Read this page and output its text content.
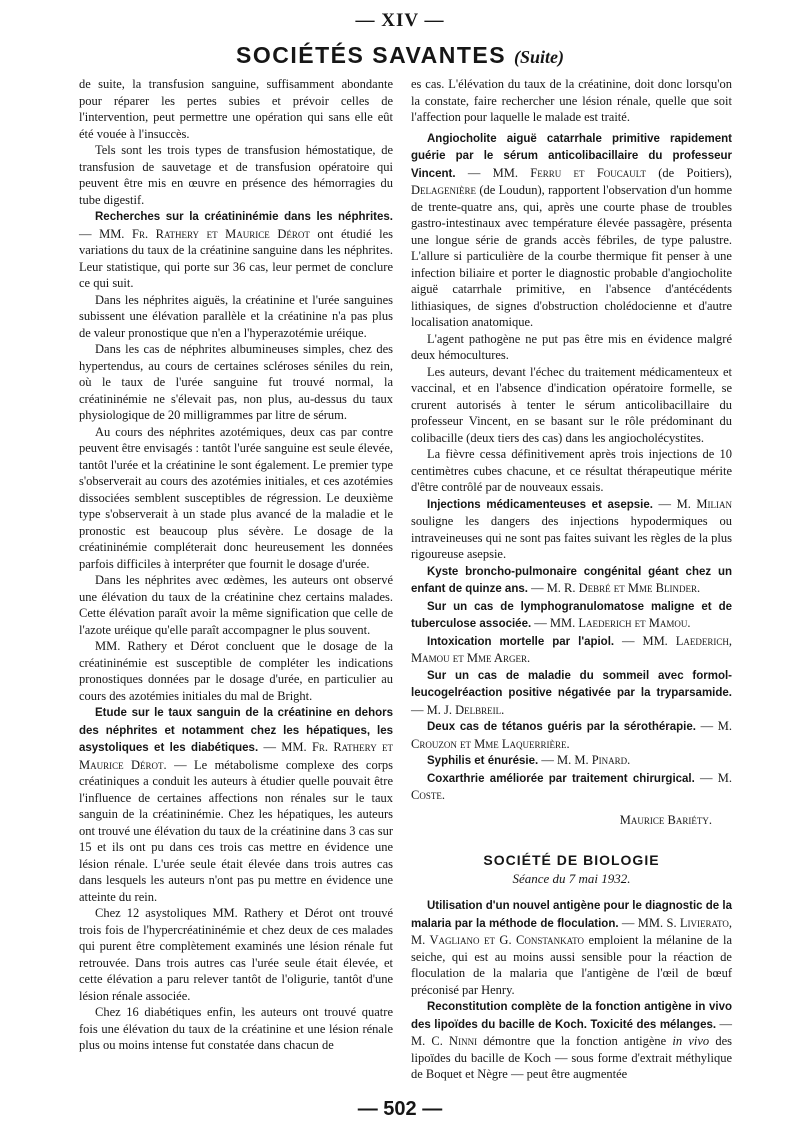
— XIV —
SOCIÉTÉS SAVANTES (Suite)

de suite, la transfusion sanguine, suffisamment abondante pour réparer les pertes subies et prévoir celles de l'intervention, peut permettre une opération qui sans elle eût été vouée à l'insuccès.

Tels sont les trois types de transfusion hémostatique, de transfusion de sauvetage et de transfusion opératoire qui peuvent être mis en œuvre en présence des hémorragies du tube digestif.

Recherches sur la créatininémie dans les néphrites. — MM. Fr. Rathery et Maurice Dérot ont étudié les variations du taux de la créatinine sanguine dans les néphrites. Leur statistique, qui porte sur 36 cas, leur permet de conclure ce qui suit.

Dans les néphrites aiguës, la créatinine et l'urée sanguines subissent une élévation parallèle et la créatinine n'a pas plus de valeur pronostique que n'en a l'hyperazotémie uréique.

Dans les cas de néphrites albumineuses simples, chez des hypertendus, au cours de certaines scléroses séniles du rein, où le taux de l'urée sanguine fut trouvé normal, la créatininémie ne s'élevait pas, non plus, au-dessus du taux physiologique de 20 milligrammes par litre de sérum.

Au cours des néphrites azotémiques, deux cas par contre peuvent être envisagés : tantôt l'urée sanguine est seule élevée, tantôt l'urée et la créatinine le sont également. Le premier type s'observerait au cours des azotémies initiales, et ces azotémies dissociées semblent susceptibles de régression. Le deuxième type s'observerait à un stade plus avancé de la maladie et le pronostic est beaucoup plus sévère. Le dosage de la créatininémie compléterait donc heureusement les données parfois difficiles à interpréter que fournit le dosage d'urée.

Dans les néphrites avec œdèmes, les auteurs ont observé une élévation du taux de la créatinine chez certains malades. Cette élévation paraît avoir la même signification que celle de l'azote uréique qu'elle paraît accompagner le plus souvent.

MM. Rathery et Dérot concluent que le dosage de la créatininémie est susceptible de compléter les indications pronostiques données par le dosage d'urée, en particulier au cours des azotémies initiales du mal de Bright.

Etude sur le taux sanguin de la créatinine en dehors des néphrites et notamment chez les hépatiques, les asystoliques et les diabétiques. — MM. Fr. Rathery et Maurice Dérot. — Le métabolisme complexe des corps créatiniques a conduit les auteurs à étudier quelle pouvait être l'influence de certaines affections non rénales sur le taux sanguin de la créatininémie. Chez les hépatiques, les auteurs ont trouvé une élévation du taux de la créatinine dans 3 cas sur 15 et ils ont pu dans ces trois cas mettre en évidence une lésion rénale. L'urée seule était élevée dans trois autres cas dans lesquels les auteurs n'ont pas pu mettre en évidence une atteinte du rein.

Chez 12 asystoliques MM. Rathery et Dérot ont trouvé trois fois de l'hypercréatininémie et chez deux de ces malades qui purent être complètement examinés une lésion rénale fut retrouvée. Dans trois autres cas l'urée seule était élevée, et cette élévation a paru relever tantôt de l'oligurie, tantôt d'une lésion rénale associée.

Chez 16 diabétiques enfin, les auteurs ont trouvé quatre fois une élévation du taux de la créatinine et une lésion rénale plus ou moins intense fut constatée dans chacun de

es cas. L'élévation du taux de la créatinine, doit donc lorsqu'on la constate, faire rechercher une lésion rénale, quelle que soit l'affection pour laquelle le malade est traité.

Angiocholite aiguë catarrhale primitive rapidement guérie par le sérum anticolibacillaire du professeur Vincent. — MM. Ferru et Foucault (de Poitiers), Delagenière (de Loudun), rapportent l'observation d'un homme de trente-quatre ans, qui, après une courte phase de troubles gastro-intestinaux avec température élevée passagère, présenta une longue série de grands accès fébriles, de type palustre. L'allure si particulière de la courbe thermique fit penser à une infection biliaire et porter le diagnostic probable d'angiocholite aiguë catarrhale primitive, en l'absence d'antécédents lithiasiques, de signes d'obstruction cholédocienne et d'autre localisation anatomique.

L'agent pathogène ne put pas être mis en évidence malgré deux hémocultures.

Les auteurs, devant l'échec du traitement médicamenteux et vaccinal, et en l'absence d'indication opératoire formelle, se crurent autorisés à tenter le sérum anticolibacillaire du professeur Vincent, en se basant sur le rôle prédominant du colibacille (deux tiers des cas) dans les angiocholécystites.

La fièvre cessa définitivement après trois injections de 10 centimètres cubes chacune, et ce résultat thérapeutique mérite d'être contrôlé par de nouveaux essais.

Injections médicamenteuses et asepsie. — M. Milian souligne les dangers des injections hypodermiques ou intraveineuses qui ne sont pas faites suivant les règles de la plus rigoureuse asepsie.

Kyste broncho-pulmonaire congénital géant chez un enfant de quinze ans. — M. R. Debré et Mme Blinder.

Sur un cas de lymphogranulomatose maligne et de tuberculose associée. — MM. Laederich et Mamou.

Intoxication mortelle par l'apiol. — MM. Laederich, Mamou et Mme Arger.

Sur un cas de maladie du sommeil avec formol-leucogelréaction positive négativée par la tryparsamide. — M. J. Delbreil.

Deux cas de tétanos guéris par la sérothérapie. — M. Crouzon et Mme Laquerrière.

Syphilis et énurésie. — M. M. Pinard.

Coxarthrie améliorée par traitement chirurgical. — M. Coste.

Maurice Bariéty.
SOCIÉTÉ DE BIOLOGIE
Séance du 7 mai 1932.

Utilisation d'un nouvel antigène pour le diagnostic de la malaria par la méthode de floculation. — MM. S. Livierato, M. Vagliano et G. Constankato emploient la mélanine de la seiche, qui est au moins aussi sensible pour la réaction de floculation de la malaria que l'antigène de l'œil de bœuf préconisé par Henry.

Reconstitution complète de la fonction antigène in vivo des lipoïdes du bacille de Koch. Toxicité des mélanges. — M. C. Ninni démontre que la fonction antigène in vivo des lipoïdes du bacille de Koch — sous forme d'extrait méthylique de Boquet et Nègre — peut être augmentée

— 502 —
